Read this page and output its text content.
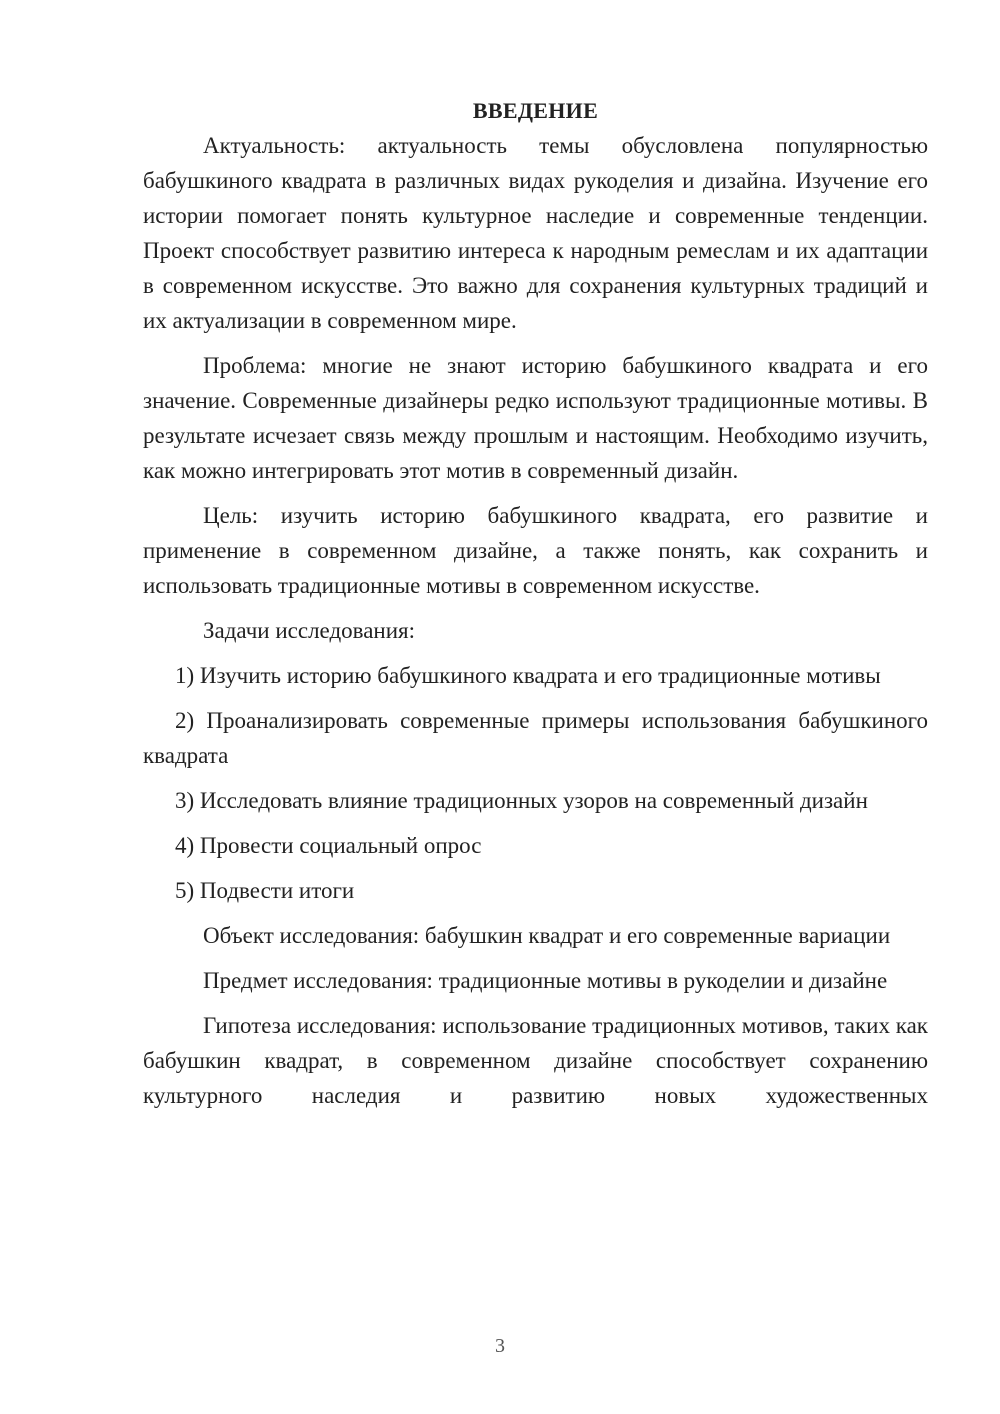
ВВЕДЕНИЕ

Актуальность: актуальность темы обусловлена популярностью бабушкиного квадрата в различных видах рукоделия и дизайна. Изучение его истории помогает понять культурное наследие и современные тенденции. Проект способствует развитию интереса к народным ремеслам и их адаптации в современном искусстве. Это важно для сохранения культурных традиций и их актуализации в современном мире.

Проблема: многие не знают историю бабушкиного квадрата и его значение. Современные дизайнеры редко используют традиционные мотивы. В результате исчезает связь между прошлым и настоящим. Необходимо изучить, как можно интегрировать этот мотив в современный дизайн.

Цель: изучить историю бабушкиного квадрата, его развитие и применение в современном дизайне, а также понять, как сохранить и использовать традиционные мотивы в современном искусстве.

Задачи исследования:

1) Изучить историю бабушкиного квадрата и его традиционные мотивы

2) Проанализировать современные примеры использования бабушкиного квадрата

3) Исследовать влияние традиционных узоров на современный дизайн

4) Провести социальный опрос

5) Подвести итоги

Объект исследования: бабушкин квадрат и его современные вариации

Предмет исследования: традиционные мотивы в рукоделии и дизайне

Гипотеза исследования: использование традиционных мотивов, таких как бабушкин квадрат, в современном дизайне способствует сохранению культурного наследия и развитию новых художественных

3
